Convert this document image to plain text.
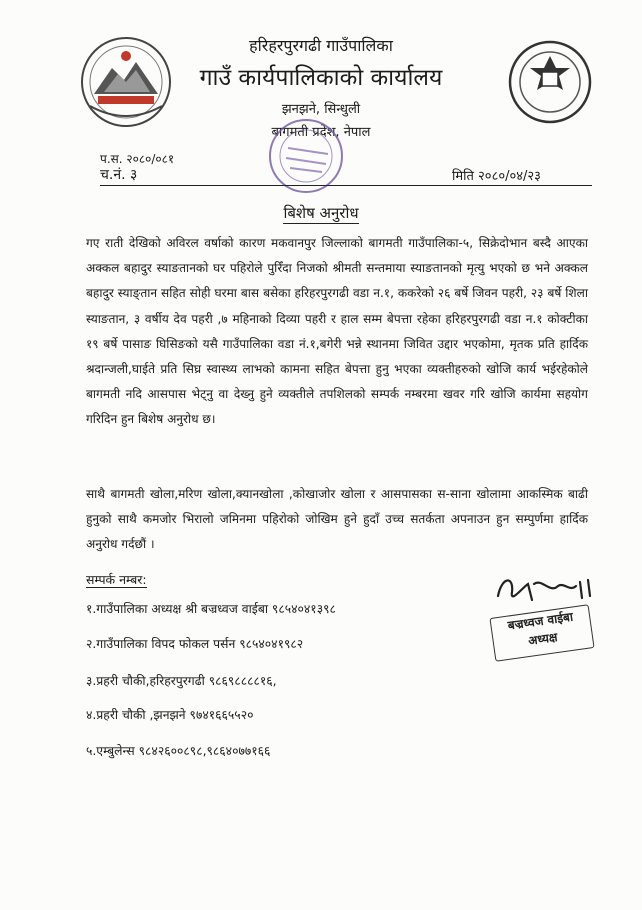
हरिहरपुरगढी गाउँपालिका
गाउँ कार्यपालिकाको कार्यालय
झनझने, सिन्धुली
बागमती प्रदेश, नेपाल
प.स. २०८०/०८१
च.नं. ३	मिति २०८०/०४/२३
बिशेष अनुरोध
गए राती देखिको अविरल वर्षाको कारण मकवानपुर जिल्लाको बागमती गाउँपालिका-५, सिक्रेदोभान बस्दै आएका अक्कल बहादुर स्याङतानको घर पहिरोले पुरिँदा निजको श्रीमती सन्तमाया स्याङतानको मृत्यु भएको छ भने अक्कल बहादुर स्याङ्तान सहित सोही घरमा बास बसेका हरिहरपुरगढी वडा न.१, ककरेको २६ बर्षे जिवन पहरी, २३ बर्षे शिला स्याङतान, ३ वर्षीय देव पहरी ,७ महिनाको दिव्या पहरी र हाल सम्म बेपत्ता रहेका हरिहरपुरगढी वडा न.१ कोक्टीका १९ बर्षे पासाङ घिसिङको यसै गाउँपालिका वडा नं.१,बगेरी भन्ने स्थानमा जिवित उद्दार भएकोमा, मृतक प्रति हार्दिक श्रदान्जली,घाईते प्रति सिघ्र स्वास्थ्य लाभको कामना सहित बेपत्ता हुनु भएका व्यक्तीहरुको खोजि कार्य भईरहेकोले बागमती नदि आसपास भेट्नु वा देख्नु हुने व्यक्तीले तपशिलको सम्पर्क नम्बरमा खवर गरि खोजि कार्यमा सहयोग गरिदिन हुन बिशेष अनुरोध छ।
साथै बागमती खोला,मरिण खोला,क्यानखोला ,कोखाजोर खोला र आसपासका स-साना खोलामा आकस्मिक बाढी हुनुको साथै कमजोर भिरालो जमिनमा पहिरोको जोखिम हुने हुदाँ उच्च सतर्कता अपनाउन हुन सम्पुर्णमा हार्दिक अनुरोध गर्दछौं ।
सम्पर्क नम्बर:
१.गाउँपालिका अध्यक्ष श्री बज्रध्वज वाईबा ९८५४०४१३९८
२.गाउँपालिका विपद फोकल पर्सन ९८५४०४१९८२
३.प्रहरी चौकी,हरिहरपुरगढी ९८६९८८८८१६,
४.प्रहरी चौकी ,झनझने ९७४१६६५५२०
५.एम्बुलेन्स ९८४२६००८९८,९८६४०७७१६६
बज्रध्वज वाईबा
अध्यक्ष
